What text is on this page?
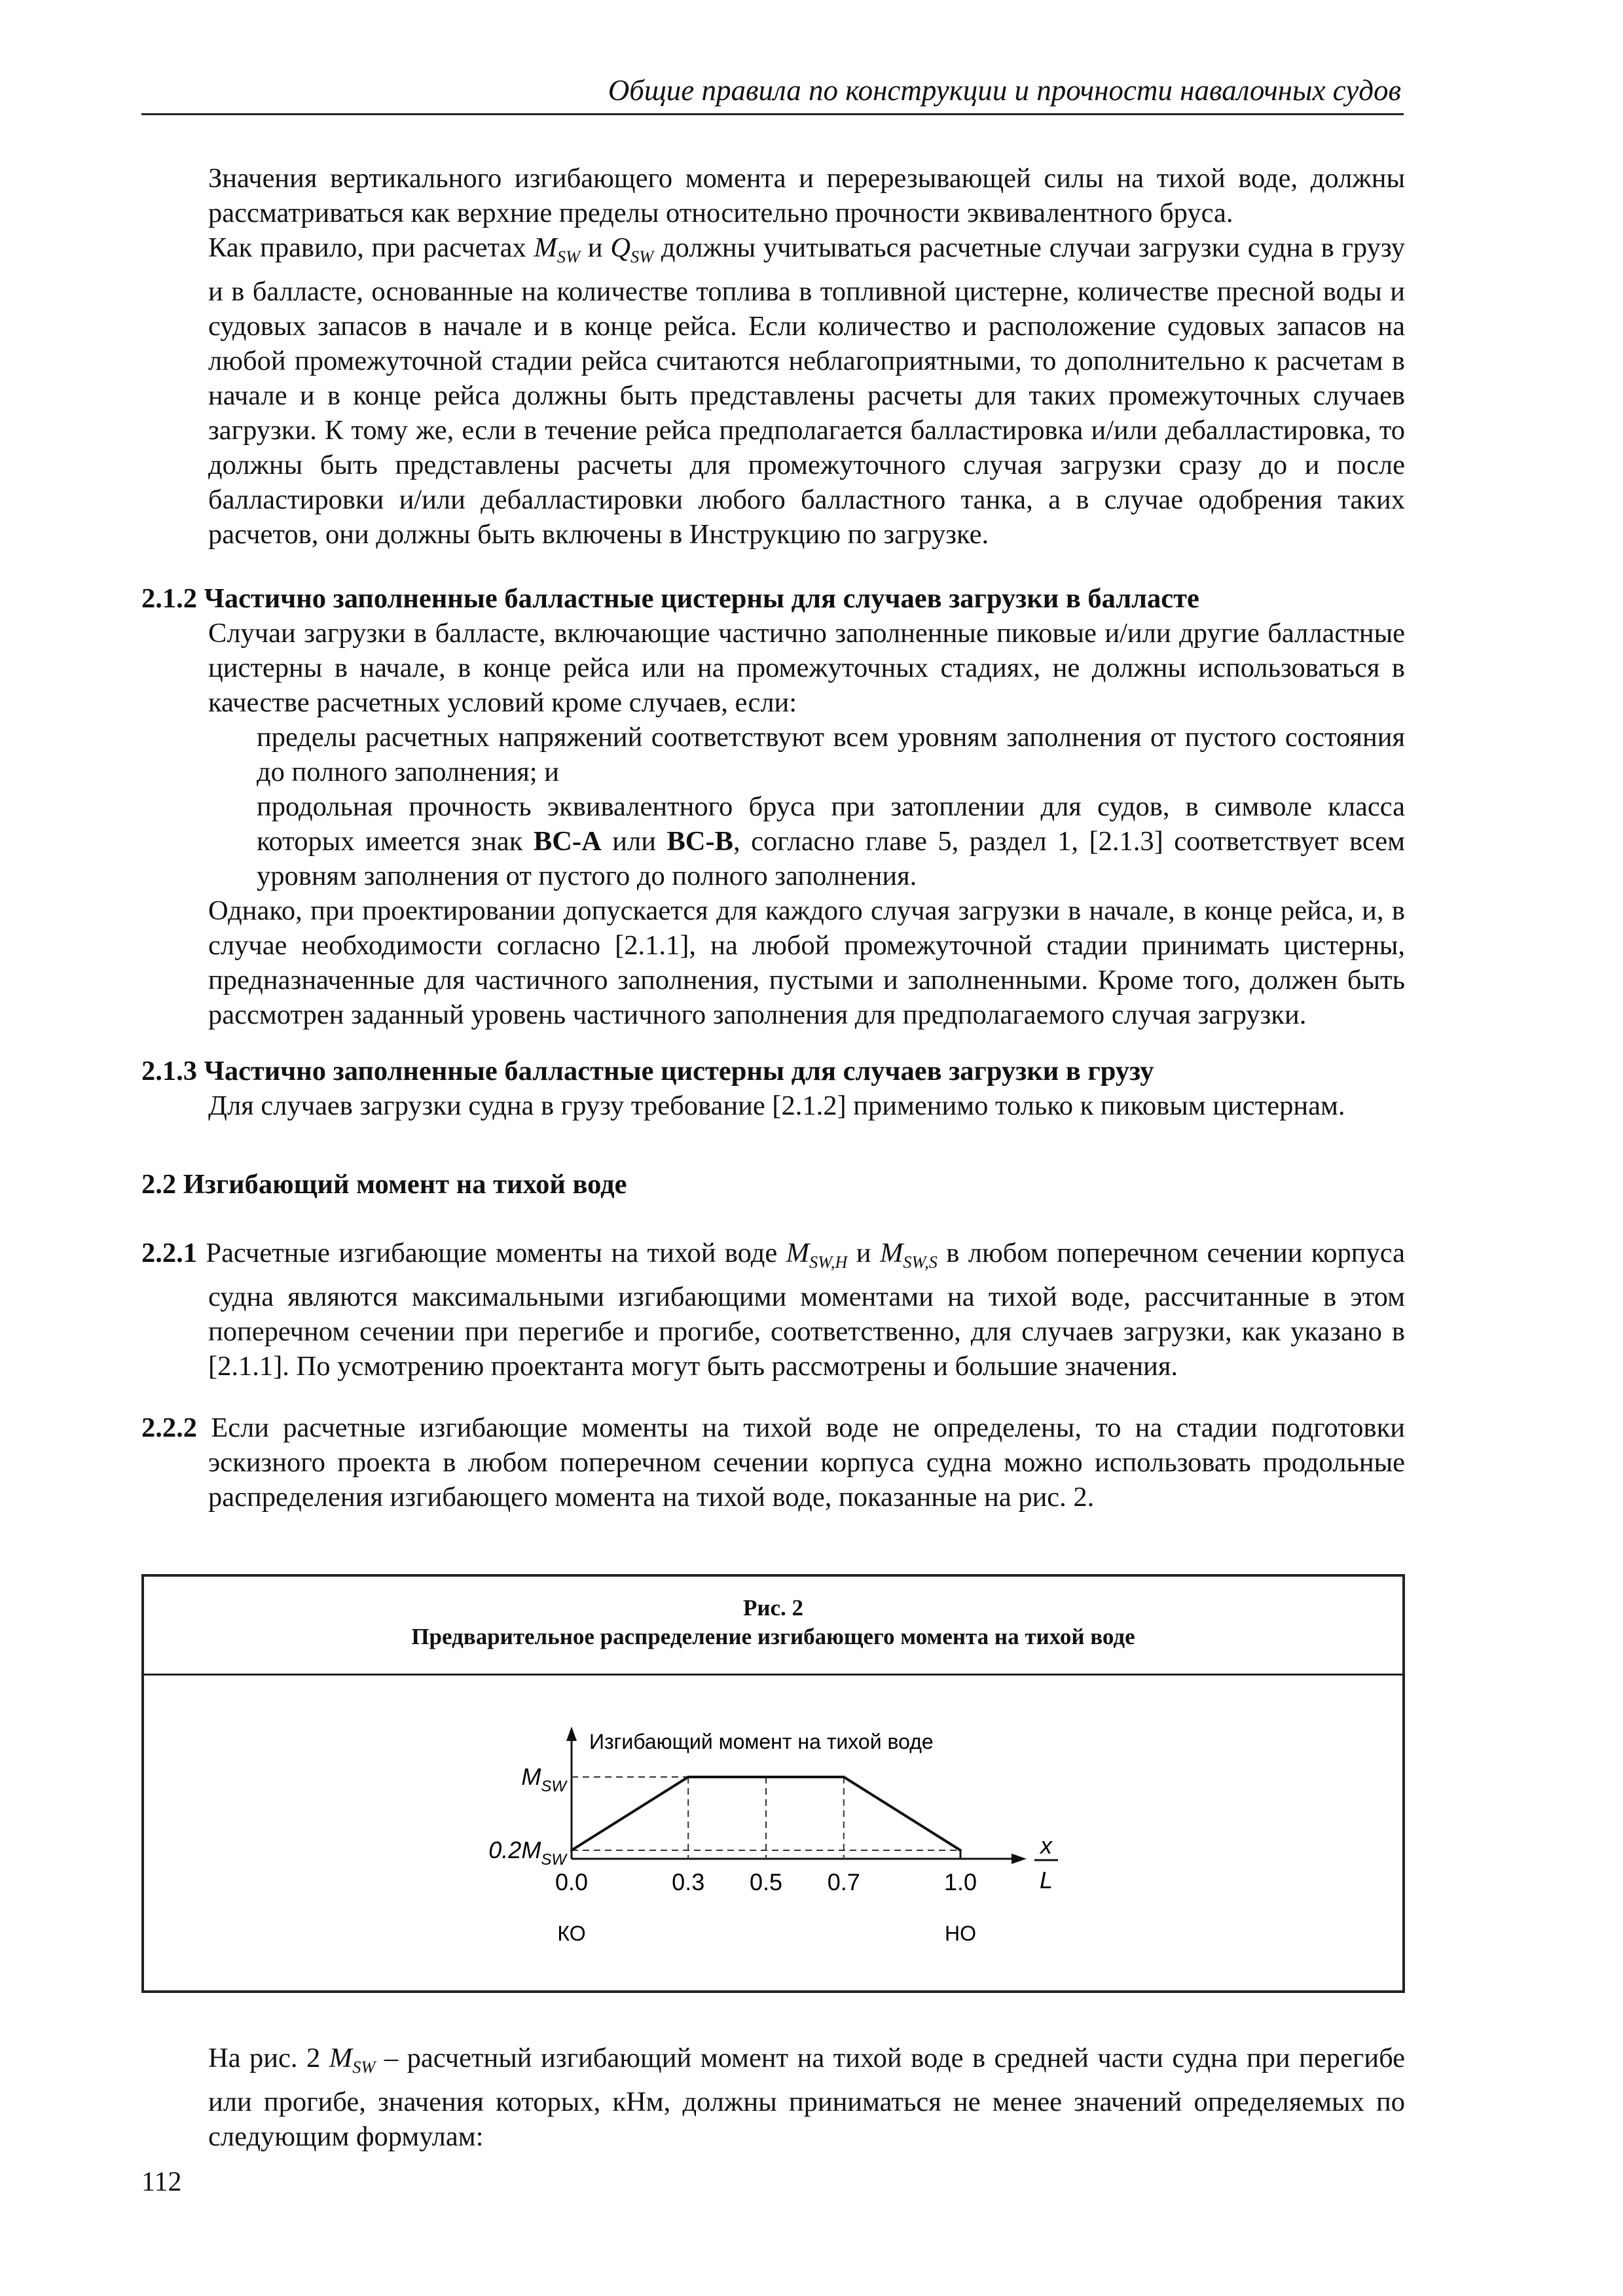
Общие правила по конструкции и прочности навалочных судов
Значения вертикального изгибающего момента и перерезывающей силы на тихой воде, должны рассматриваться как верхние пределы относительно прочности эквивалентного бруса.
Как правило, при расчетах $M_{SW}$ и $Q_{SW}$ должны учитываться расчетные случаи загрузки судна в грузу и в балласте, основанные на количестве топлива в топливной цистерне, количестве пресной воды и судовых запасов в начале и в конце рейса. Если количество и расположение судовых запасов на любой промежуточной стадии рейса считаются неблагоприятными, то дополнительно к расчетам в начале и в конце рейса должны быть представлены расчеты для таких промежуточных случаев загрузки. К тому же, если в течение рейса предполагается балластировка и/или дебалластировка, то должны быть представлены расчеты для промежуточного случая загрузки сразу до и после балластировки и/или дебалластировки любого балластного танка, а в случае одобрения таких расчетов, они должны быть включены в Инструкцию по загрузке.
2.1.2 Частично заполненные балластные цистерны для случаев загрузки в балласте
Случаи загрузки в балласте, включающие частично заполненные пиковые и/или другие балластные цистерны в начале, в конце рейса или на промежуточных стадиях, не должны использоваться в качестве расчетных условий кроме случаев, если:
пределы расчетных напряжений соответствуют всем уровням заполнения от пустого состояния до полного заполнения; и
продольная прочность эквивалентного бруса при затоплении для судов, в символе класса которых имеется знак BC-A или BC-B, согласно главе 5, раздел 1, [2.1.3] соответствует всем уровням заполнения от пустого до полного заполнения.
Однако, при проектировании допускается для каждого случая загрузки в начале, в конце рейса, и, в случае необходимости согласно [2.1.1], на любой промежуточной стадии принимать цистерны, предназначенные для частичного заполнения, пустыми и заполненными. Кроме того, должен быть рассмотрен заданный уровень частичного заполнения для предполагаемого случая загрузки.
2.1.3 Частично заполненные балластные цистерны для случаев загрузки в грузу
Для случаев загрузки судна в грузу требование [2.1.2] применимо только к пиковым цистернам.
2.2 Изгибающий момент на тихой воде
2.2.1 Расчетные изгибающие моменты на тихой воде $M_{SW,H}$ и $M_{SW,S}$ в любом поперечном сечении корпуса судна являются максимальными изгибающими моментами на тихой воде, рассчитанные в этом поперечном сечении при перегибе и прогибе, соответственно, для случаев загрузки, как указано в [2.1.1]. По усмотрению проектанта могут быть рассмотрены и большие значения.
2.2.2 Если расчетные изгибающие моменты на тихой воде не определены, то на стадии подготовки эскизного проекта в любом поперечном сечении корпуса судна можно использовать продольные распределения изгибающего момента на тихой воде, показанные на рис. 2.
Рис. 2
Предварительное распределение изгибающего момента на тихой воде
Изгибающий момент на тихой воде
$M_{SW}$
$0.2M_{SW}$
0.0	0.3 0.5 0.7	1.0
x
L
КО	НО
На рис. 2 $M_{SW}$ – расчетный изгибающий момент на тихой воде в средней части судна при перегибе или прогибе, значения которых, кНм, должны приниматься не менее значений определяемых по следующим формулам:
112
